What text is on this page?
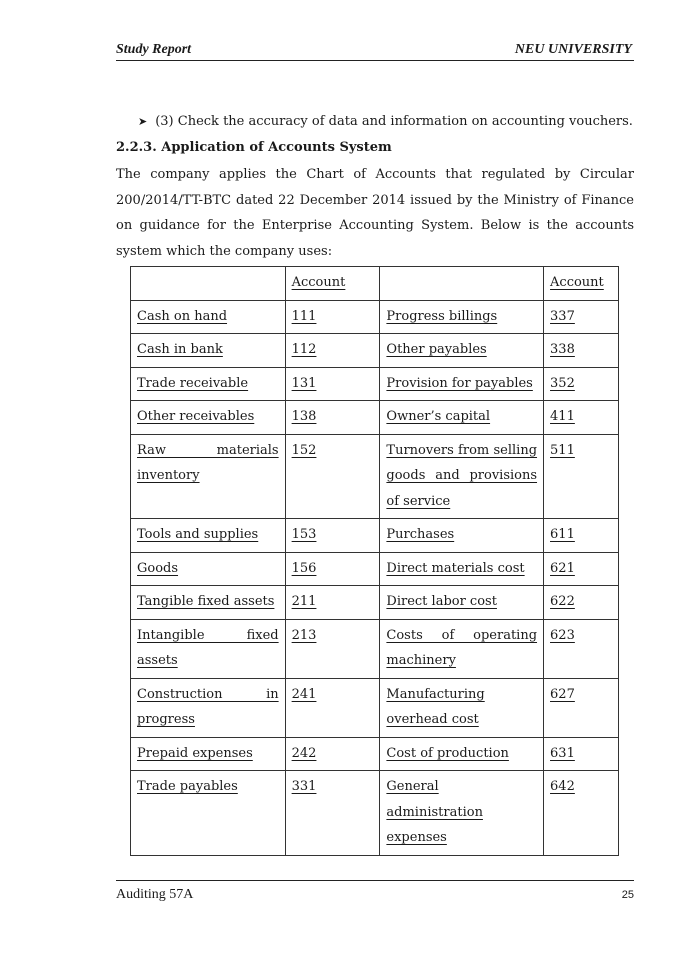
Study Report	NEU UNIVERSITY
➤ (3) Check the accuracy of data and information on accounting vouchers.
2.2.3. Application of Accounts System
The company applies the Chart of Accounts that regulated by Circular 200/2014/TT-BTC dated 22 December 2014 issued by the Ministry of Finance on guidance for the Enterprise Accounting System. Below is the accounts system which the company uses:
	Account		Account
Cash on hand	111	Progress billings	337
Cash in bank	112	Other payables	338
Trade receivable	131	Provision for payables	352
Other receivables	138	Owner’s capital	411

Raw materials inventory	152	Turnovers from selling goods and provisions of service	511
Tools and supplies	153	Purchases	611
Goods	156	Direct materials cost	621
Tangible fixed assets	211	Direct labor cost	622

Intangible fixed assets	213	Costs of operating machinery	623

Construction in progress	241	Manufacturing overhead cost	627
Prepaid expenses	242	Cost of production	631

Trade payables	331	General administration expenses	642
Auditing 57A	25
